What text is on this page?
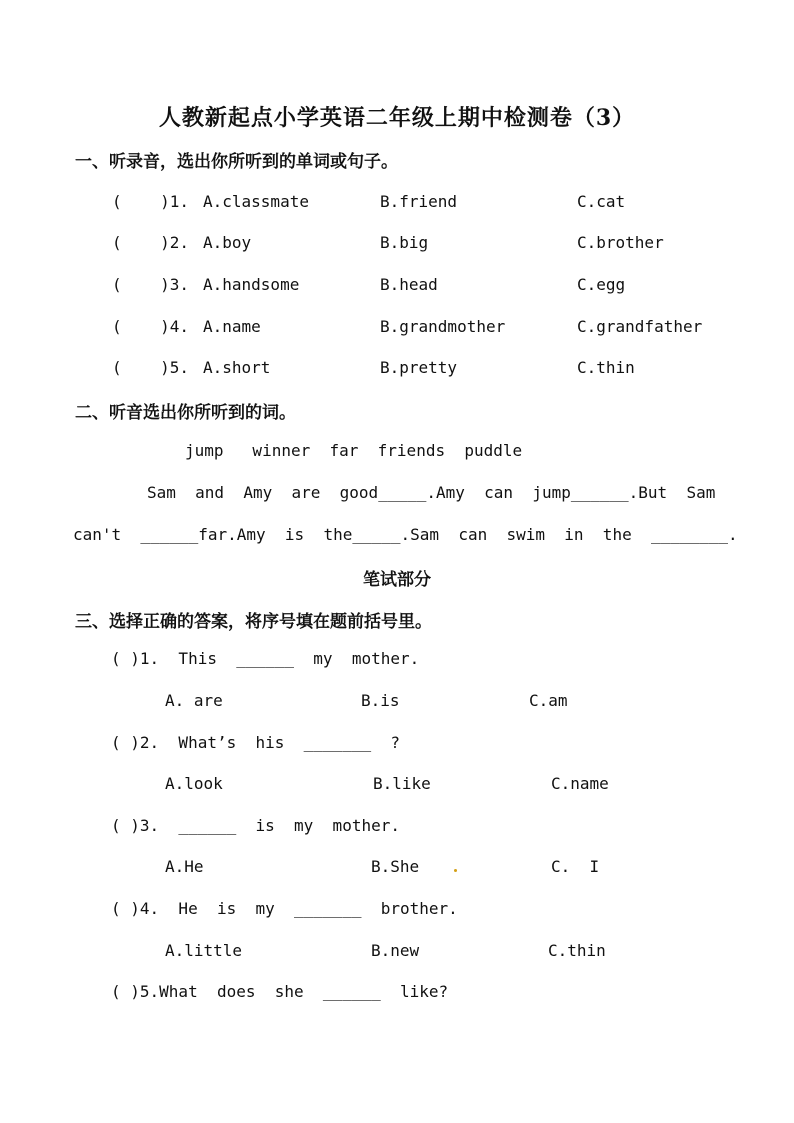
人教新起点小学英语二年级上期中检测卷（3）
一、听录音，选出你所听到的单词或句子。
(    )1. A.classmate	B.friend	C.cat
(    )2. A.boy	B.big	C.brother
(    )3. A.handsome	B.head	C.egg
(    )4. A.name	B.grandmother	C.grandfather
(    )5. A.short	B.pretty	C.thin
二、听音选出你所听到的词。
jump   winner  far  friends  puddle
Sam  and  Amy  are  good_____.Amy  can  jump______.But  Sam
can't  ______far.Amy  is  the_____.Sam  can  swim  in  the  ________.
笔试部分
三、选择正确的答案，将序号填在题前括号里。
( )1.  This  ______  my  mother.
A. are	B.is	C.am
( )2.  What’s  his  _______  ?
A.look	B.like	C.name
( )3.  ______  is  my  mother.
A.He	B.She	C.  I
( )4.  He  is  my  _______  brother.
A.little	B.new	C.thin
( )5.What  does  she  ______  like?
